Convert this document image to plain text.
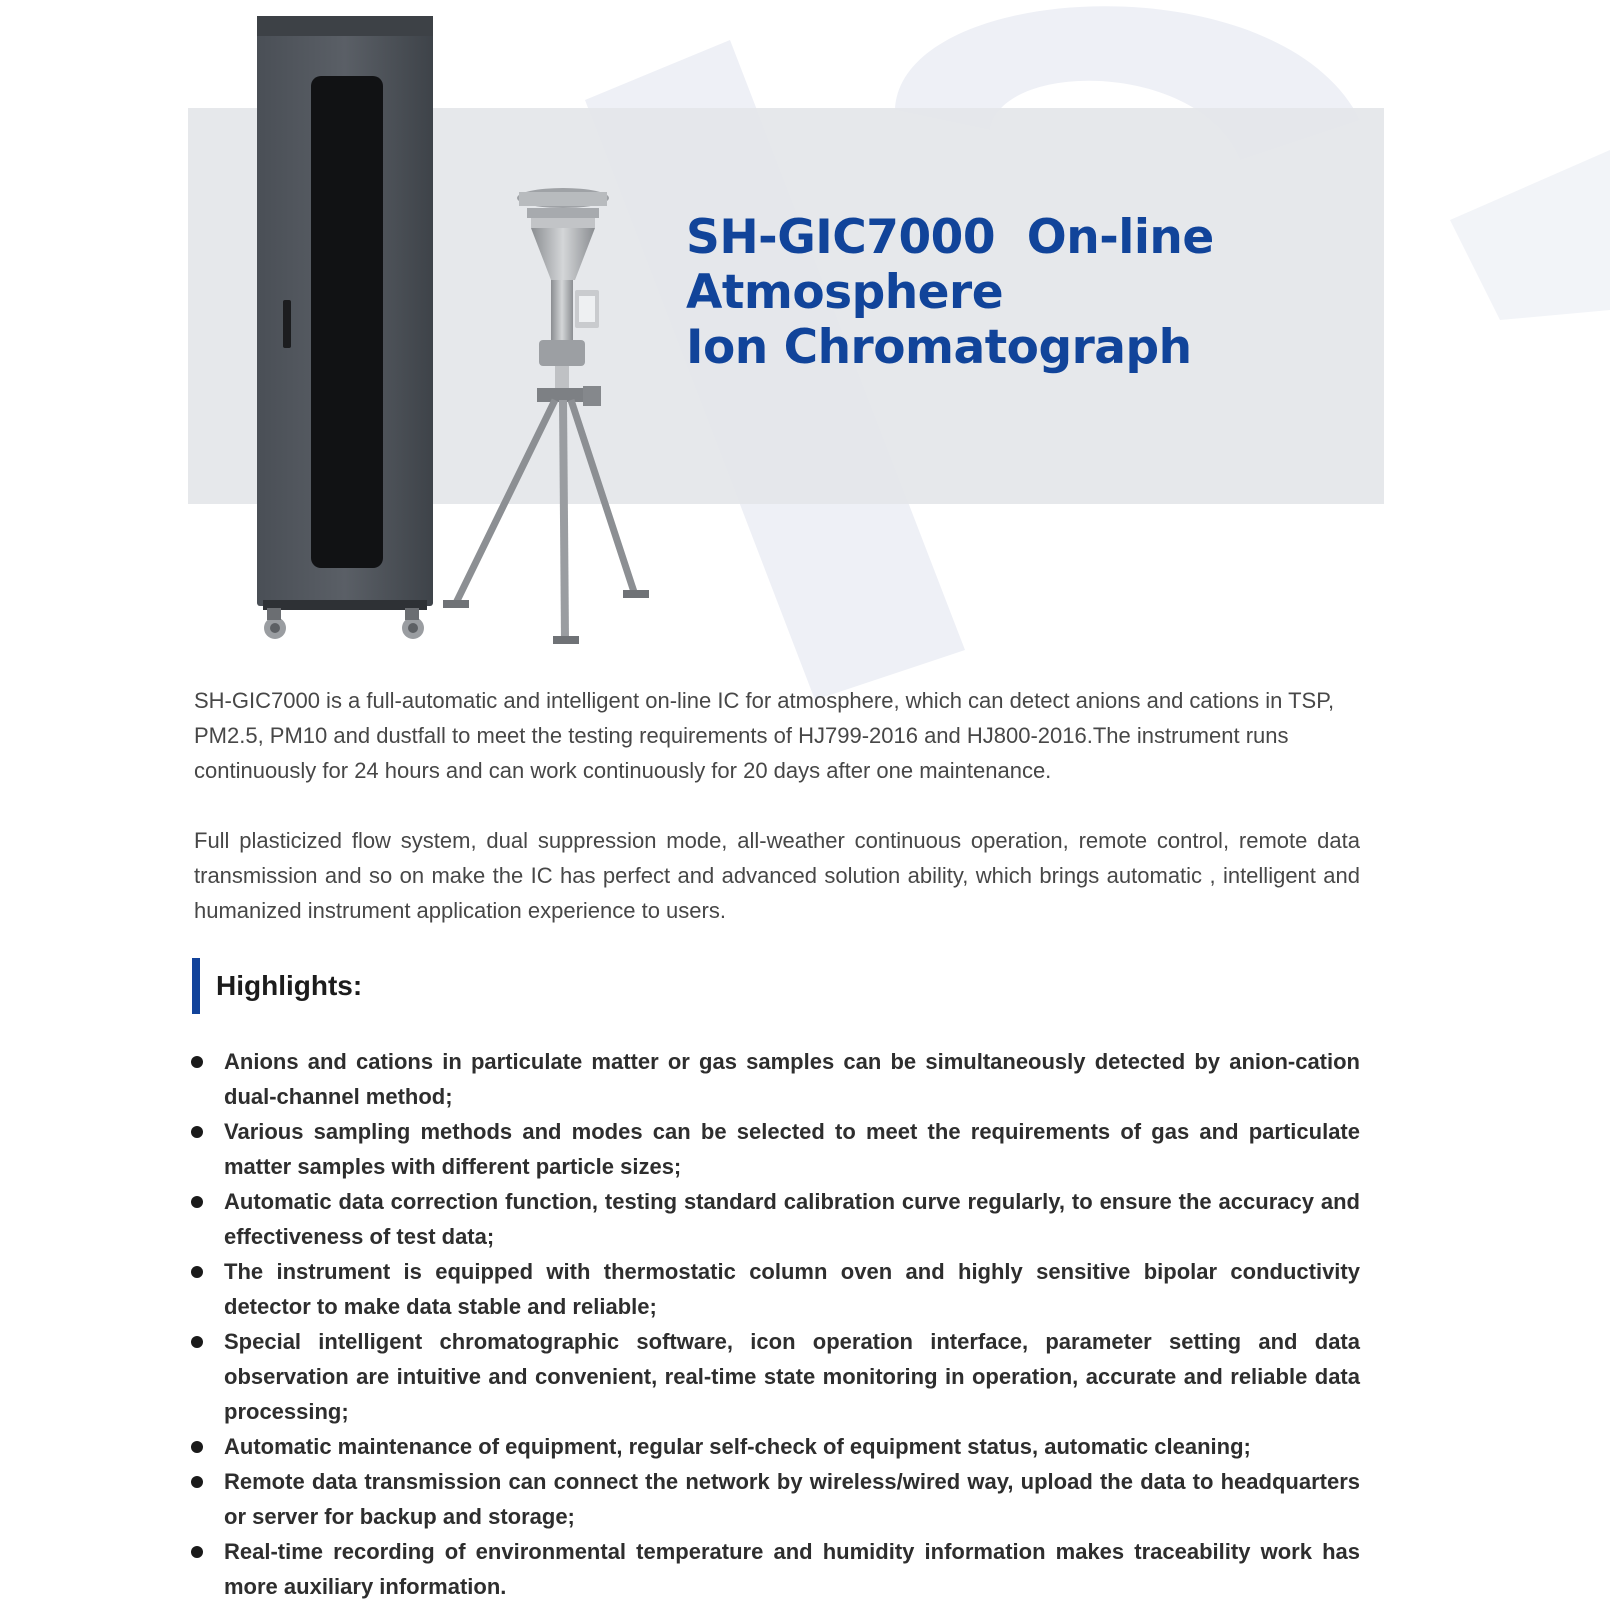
SH-GIC7000  On-line
Atmosphere
Ion Chromatograph

SH-GIC7000 is a full-automatic and intelligent on-line IC for atmosphere, which can detect anions and cations in TSP, PM2.5, PM10 and dustfall to meet the testing requirements of HJ799-2016 and HJ800-2016.The instrument runs continuously for 24 hours and can work continuously for 20 days after one maintenance.

Full plasticized flow system, dual suppression mode, all-weather continuous operation, remote control, remote data transmission and so on make the IC has perfect and advanced solution ability, which brings automatic , intelligent and humanized instrument application experience to users.

Highlights:
Anions and cations in particulate matter or gas samples can be simultaneously detected by anion-cation dual-channel method;
Various sampling methods and modes can be selected to meet the requirements of gas and particulate matter samples with different particle sizes;
Automatic data correction function, testing standard calibration curve regularly, to ensure the accuracy and effectiveness of test data;
The instrument is equipped with thermostatic column oven and highly sensitive bipolar conductivity detector to make data stable and reliable;
Special intelligent chromatographic software, icon operation interface, parameter setting and data observation are intuitive and convenient, real-time state monitoring in operation, accurate and reliable data processing;
Automatic maintenance of equipment, regular self-check of equipment status, automatic cleaning;
Remote data transmission can connect the network by wireless/wired way, upload the data to headquarters or server for backup and storage;
Real-time recording of environmental temperature and humidity information makes traceability work has more auxiliary information.
